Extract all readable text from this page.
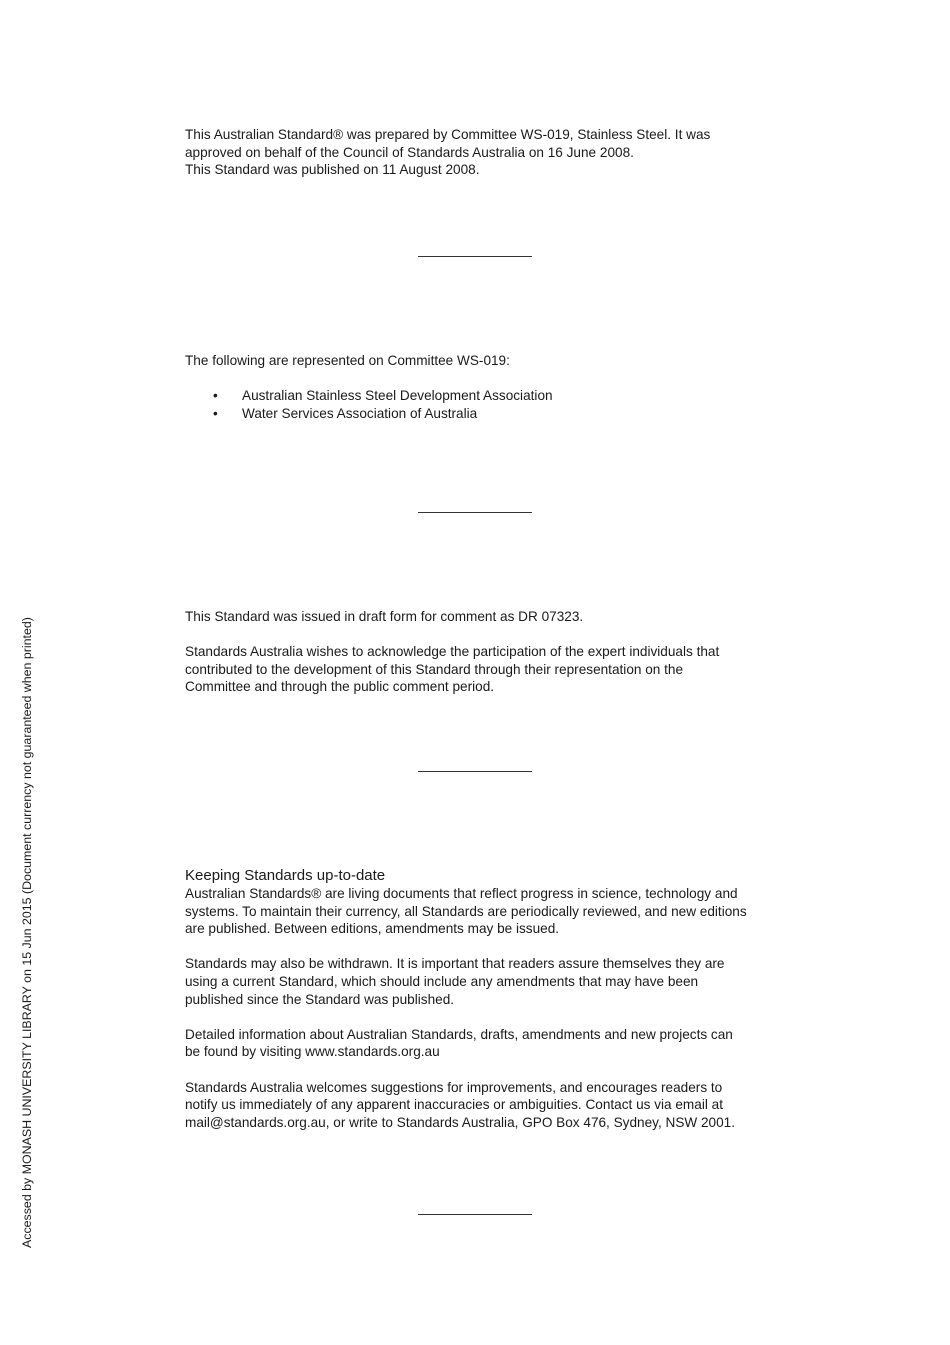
This Australian Standard® was prepared by Committee WS-019, Stainless Steel. It was
approved on behalf of the Council of Standards Australia on 16 June 2008.
This Standard was published on 11 August 2008.

The following are represented on Committee WS-019:

• Australian Stainless Steel Development Association
• Water Services Association of Australia

This Standard was issued in draft form for comment as DR 07323.

Standards Australia wishes to acknowledge the participation of the expert individuals that
contributed to the development of this Standard through their representation on the
Committee and through the public comment period.

Keeping Standards up-to-date

Australian Standards® are living documents that reflect progress in science, technology and
systems. To maintain their currency, all Standards are periodically reviewed, and new editions
are published. Between editions, amendments may be issued.

Standards may also be withdrawn. It is important that readers assure themselves they are
using a current Standard, which should include any amendments that may have been
published since the Standard was published.

Detailed information about Australian Standards, drafts, amendments and new projects can
be found by visiting www.standards.org.au

Standards Australia welcomes suggestions for improvements, and encourages readers to
notify us immediately of any apparent inaccuracies or ambiguities. Contact us via email at
mail@standards.org.au, or write to Standards Australia, GPO Box 476, Sydney, NSW 2001.

Accessed by MONASH UNIVERSITY LIBRARY on 15 Jun 2015 (Document currency not guaranteed when printed)
